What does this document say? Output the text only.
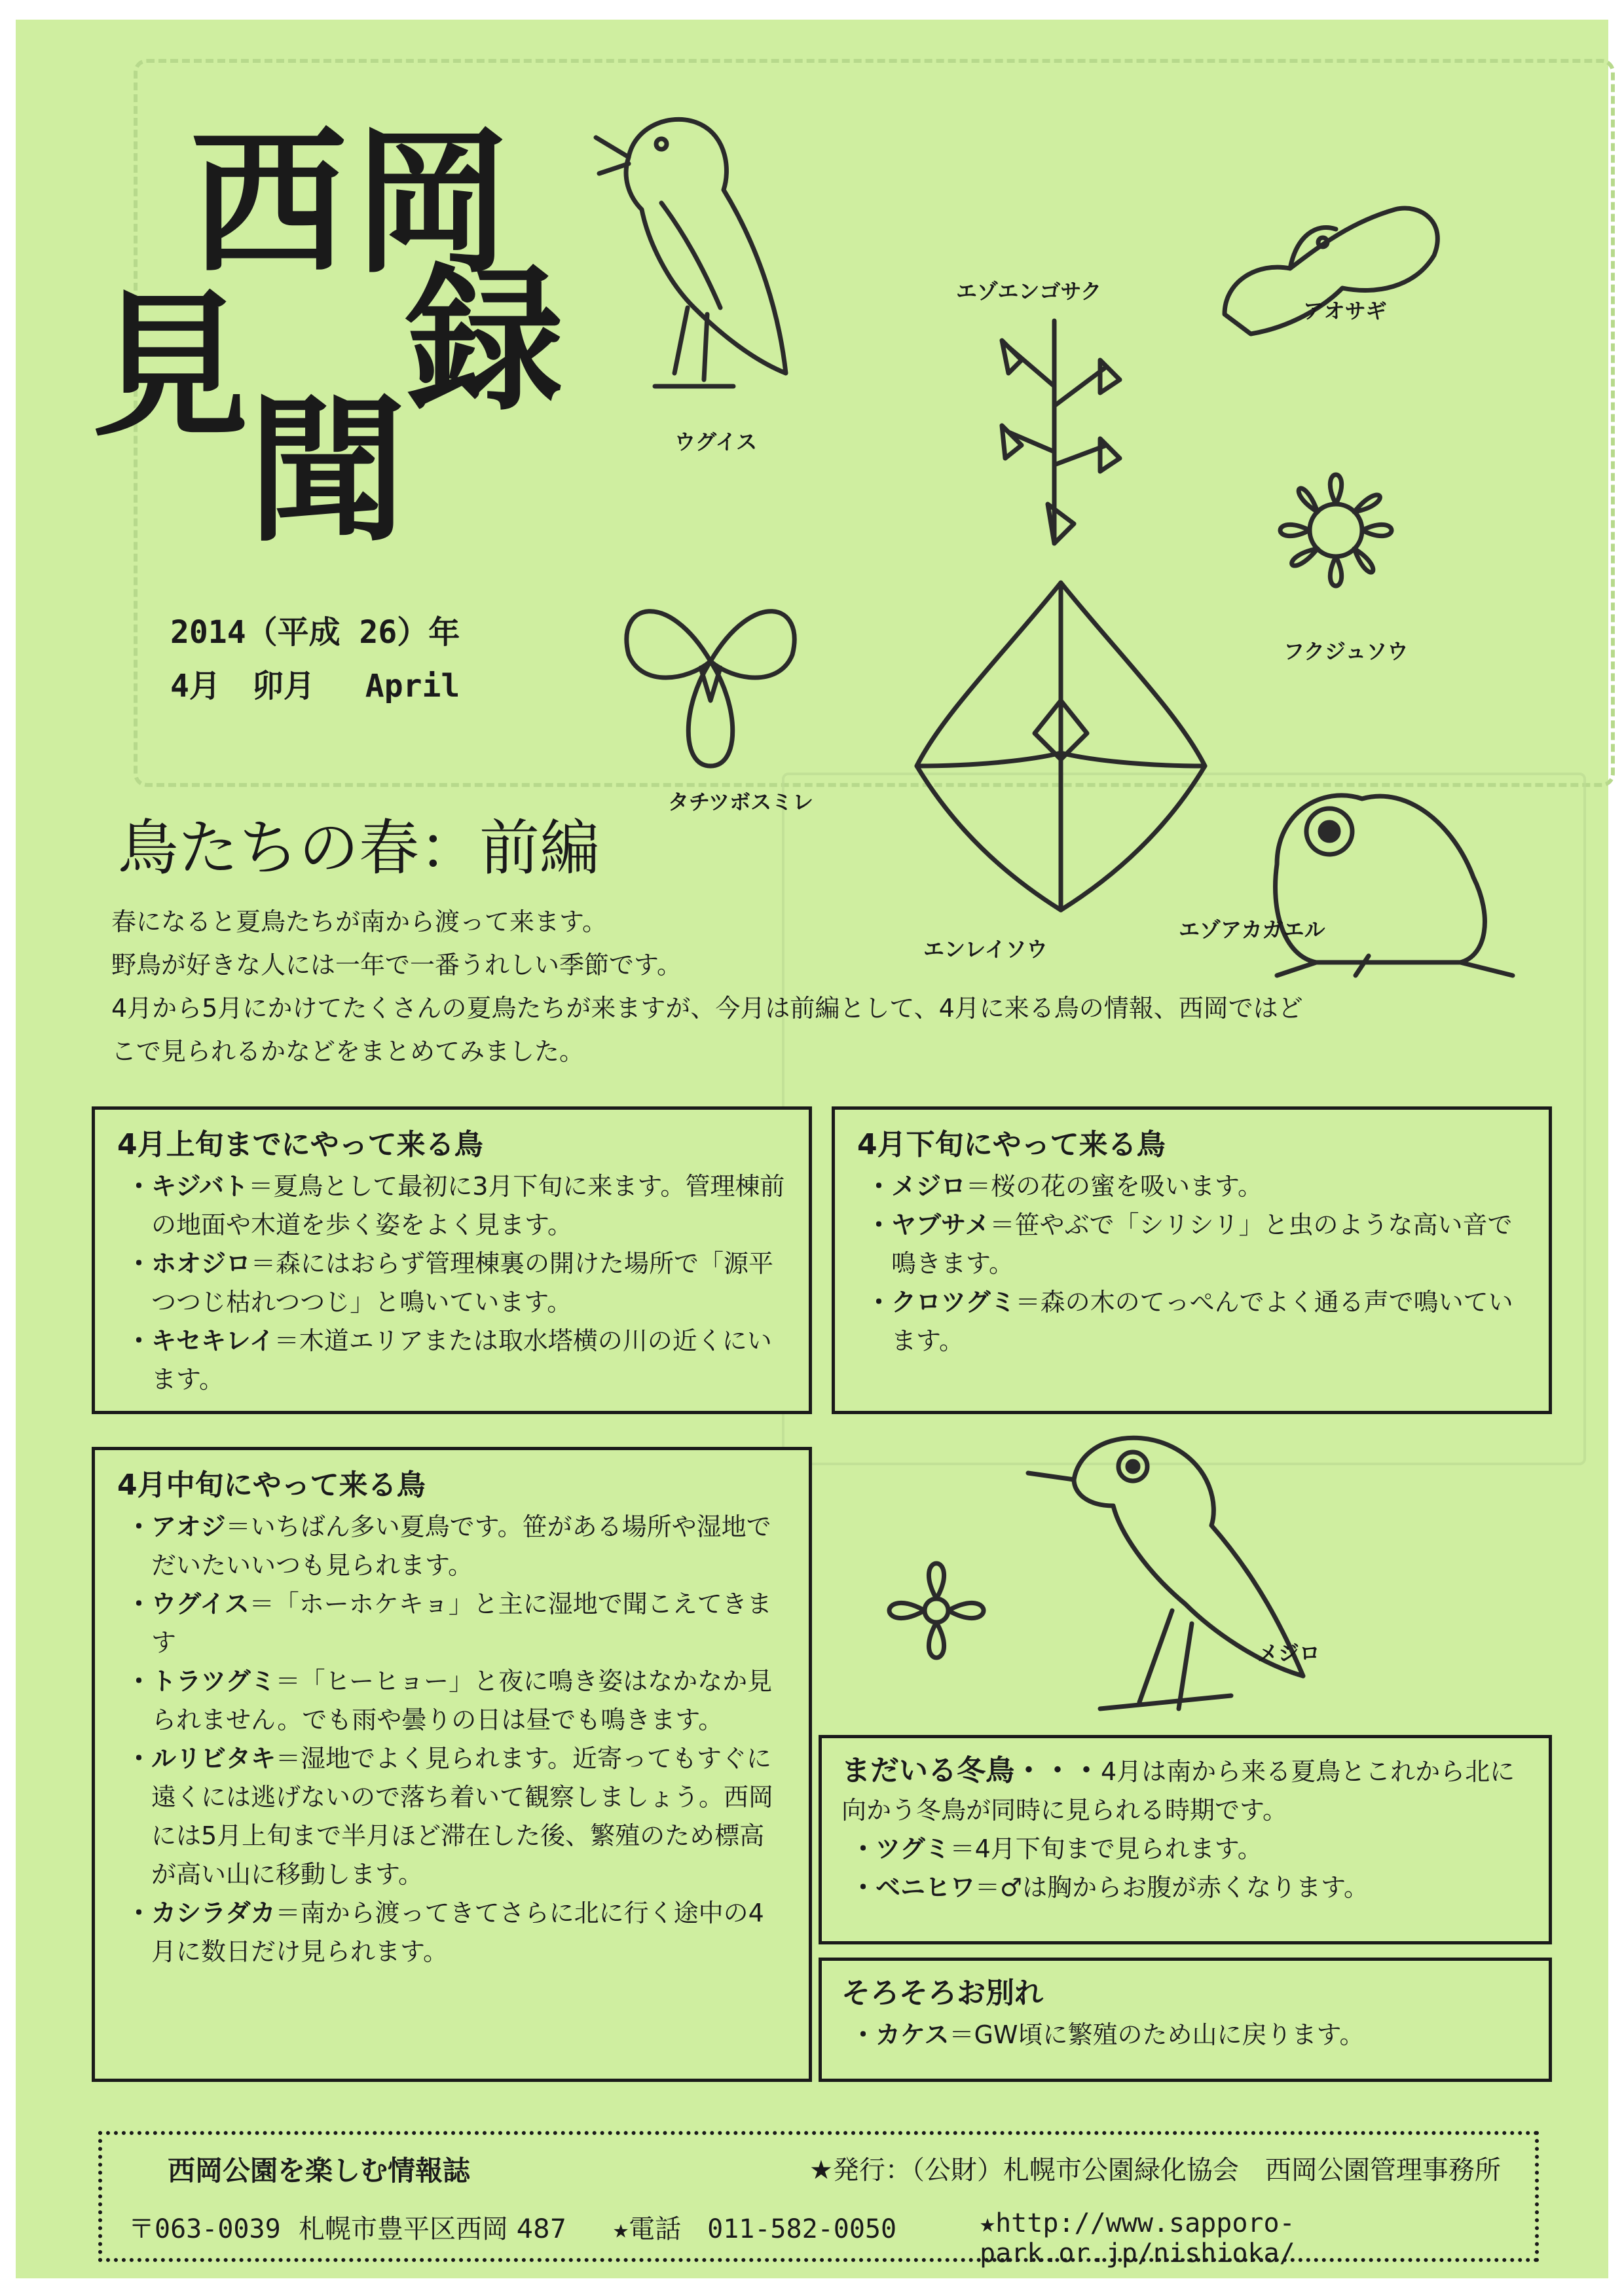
西岡
見聞録
2014（平成 26）年
4月　卯月　 April
ウグイス
エゾエンゴサク
アオサギ
フクジュソウ
タチツボスミレ
エンレイソウ
エゾアカガエル
メジロ
鳥たちの春：前編

春になると夏鳥たちが南から渡って来ます。

野鳥が好きな人には一年で一番うれしい季節です。

4月から5月にかけてたくさんの夏鳥たちが来ますが、今月は前編として、4月に来る鳥の情報、西岡ではど

こで見られるかなどをまとめてみました。

4月上旬までにやって来る鳥
・キジバト＝夏鳥として最初に3月下旬に来ます。管理棟前の地面や木道を歩く姿をよく見ます。
・ホオジロ＝森にはおらず管理棟裏の開けた場所で「源平つつじ枯れつつじ」と鳴いています。
・キセキレイ＝木道エリアまたは取水塔横の川の近くにいます。
4月下旬にやって来る鳥
・メジロ＝桜の花の蜜を吸います。
・ヤブサメ＝笹やぶで「シリシリ」と虫のような高い音で鳴きます。
・クロツグミ＝森の木のてっぺんでよく通る声で鳴いています。
4月中旬にやって来る鳥
・アオジ＝いちばん多い夏鳥です。笹がある場所や湿地でだいたいいつも見られます。
・ウグイス＝「ホーホケキョ」と主に湿地で聞こえてきます
・トラツグミ＝「ヒーヒョー」と夜に鳴き姿はなかなか見られません。でも雨や曇りの日は昼でも鳴きます。
・ルリビタキ＝湿地でよく見られます。近寄ってもすぐに遠くには逃げないので落ち着いて観察しましょう。西岡には5月上旬まで半月ほど滞在した後、繁殖のため標高が高い山に移動します。
・カシラダカ＝南から渡ってきてさらに北に行く途中の4月に数日だけ見られます。
まだいる冬鳥・・・4月は南から来る夏鳥とこれから北に向かう冬鳥が同時に見られる時期です。
・ツグミ＝4月下旬まで見られます。
・ベニヒワ＝♂は胸からお腹が赤くなります。
そろそろお別れ
・カケス＝GW頃に繁殖のため山に戻ります。
西岡公園を楽しむ情報誌	★発行：（公財）札幌市公園緑化協会　西岡公園管理事務所
〒063-0039 札幌市豊平区西岡 487 ★電話　011-582-0050	★http://www.sapporo-park.or.jp/nishioka/
